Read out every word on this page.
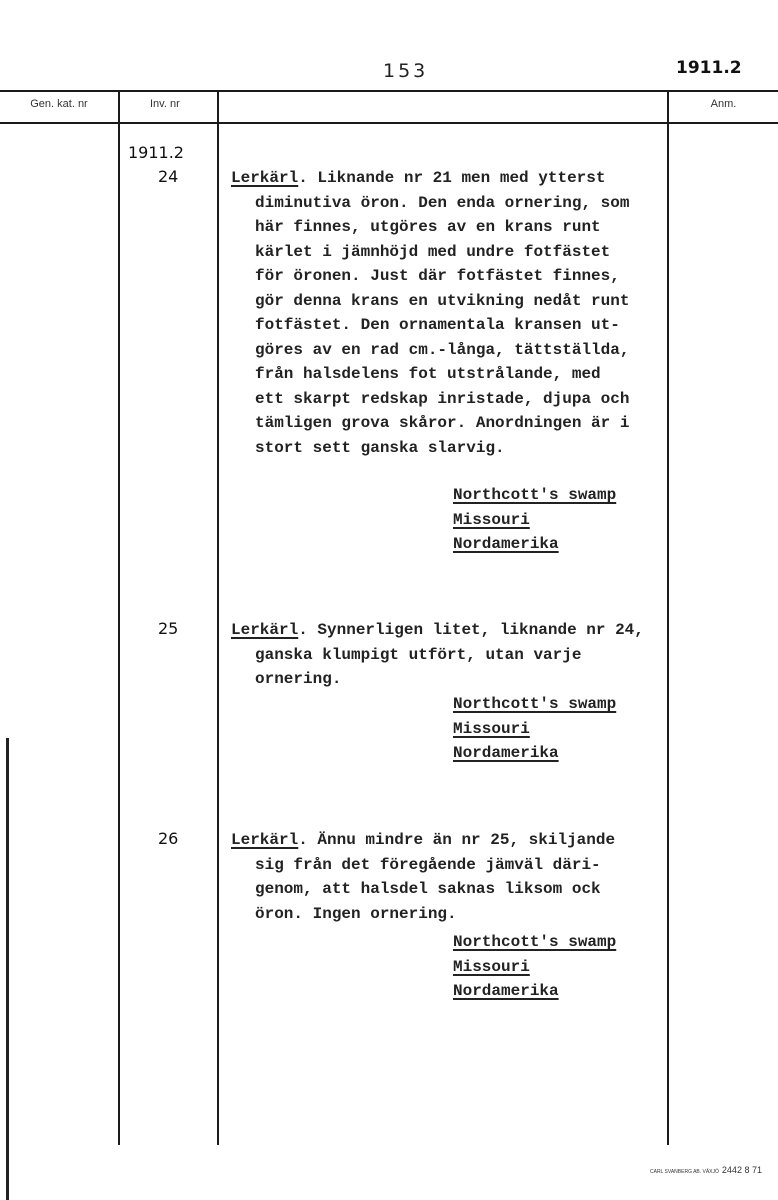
153	1911.2
Gen. kat. nr	Inv. nr	Anm.
1911.2
24	Lerkärl. Liknande nr 21 men med ytterst
diminutiva öron. Den enda ornering, som
här finnes, utgöres av en krans runt
kärlet i jämnhöjd med undre fotfästet
för öronen. Just där fotfästet finnes,
gör denna krans en utvikning nedåt runt
fotfästet. Den ornamentala kransen ut-
göres av en rad cm.-långa, tättställda,
från halsdelens fot utstrålande, med
ett skarpt redskap inristade, djupa och
tämligen grova skåror. Anordningen är i
stort sett ganska slarvig.
Northcott's swamp
Missouri
Nordamerika
25	Lerkärl. Synnerligen litet, liknande nr 24,
ganska klumpigt utfört, utan varje
ornering.
Northcott's swamp
Missouri
Nordamerika
26	Lerkärl. Ännu mindre än nr 25, skiljande
sig från det föregående jämväl däri-
genom, att halsdel saknas liksom ock
öron. Ingen ornering.
Northcott's swamp
Missouri
Nordamerika
CARL SVANBERG AB. VÄXJÖ 2442 8 71
